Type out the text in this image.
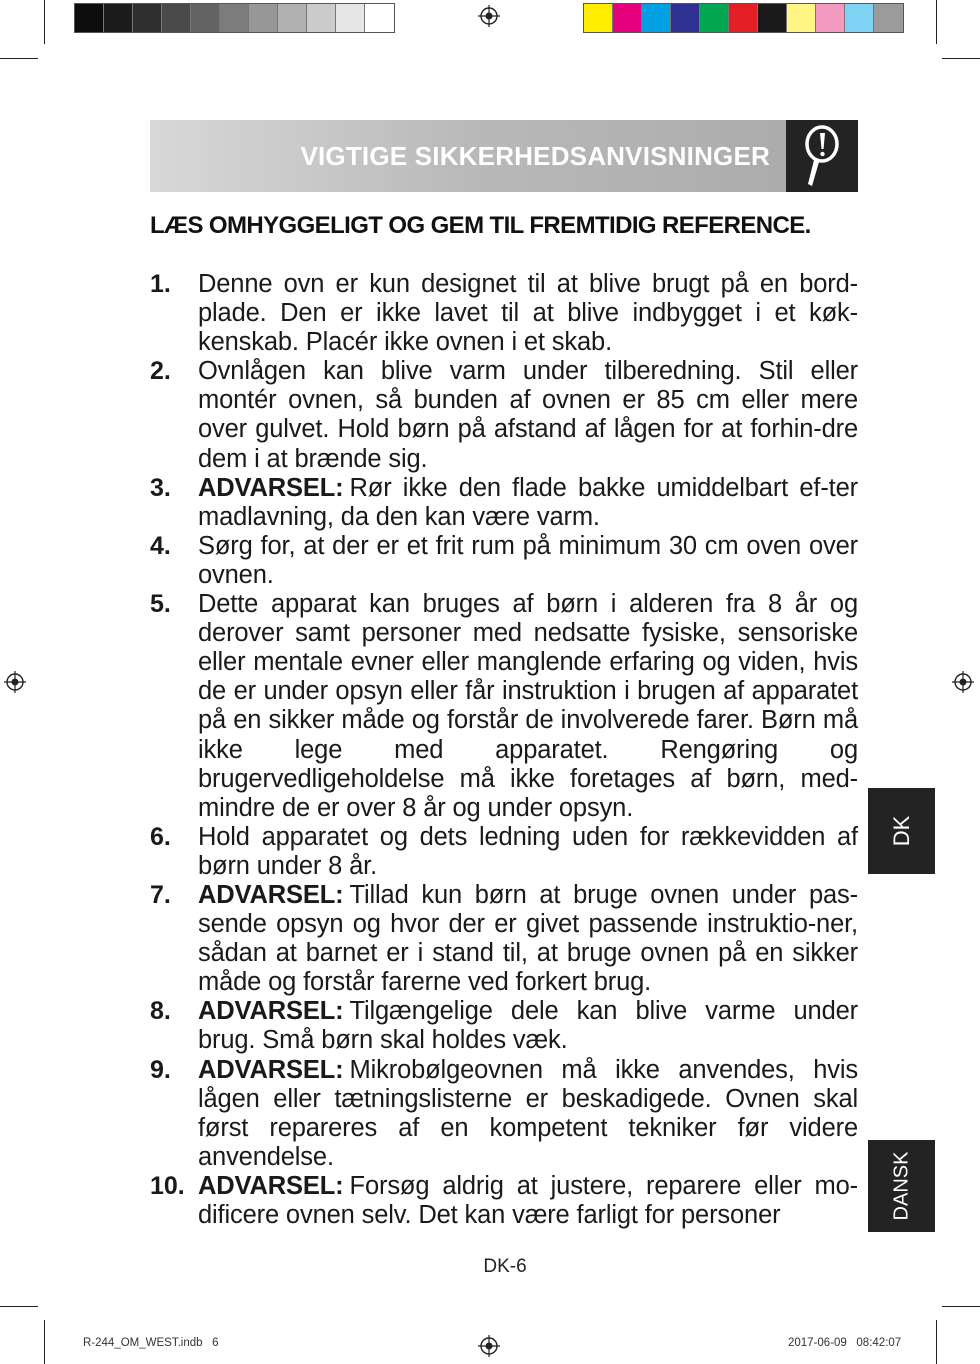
VIGTIGE SIKKERHEDSANVISNINGER
LÆS OMHYGGELIGT OG GEM TIL FREMTIDIG REFERENCE.
1. Denne ovn er kun designet til at blive brugt på en bord-plade. Den er ikke lavet til at blive indbygget i et køk-kenskab. Placér ikke ovnen i et skab.
2. Ovnlågen kan blive varm under tilberedning. Stil eller montér ovnen, så bunden af ovnen er 85 cm eller mere over gulvet. Hold børn på afstand af lågen for at forhin-dre dem i at brænde sig.
3. ADVARSEL: Rør ikke den flade bakke umiddelbart ef-ter madlavning, da den kan være varm.
4. Sørg for, at der er et frit rum på minimum 30 cm oven over ovnen.
5. Dette apparat kan bruges af børn i alderen fra 8 år og derover samt personer med nedsatte fysiske, sensoriske eller mentale evner eller manglende erfaring og viden, hvis de er under opsyn eller får instruktion i brugen af apparatet på en sikker måde og forstår de involverede farer. Børn må ikke lege med apparatet. Rengøring og brugervedligeholdelse må ikke foretages af børn, med-mindre de er over 8 år og under opsyn.
6. Hold apparatet og dets ledning uden for rækkevidden af børn under 8 år.
7. ADVARSEL: Tillad kun børn at bruge ovnen under pas-sende opsyn og hvor der er givet passende instruktio-ner, sådan at barnet er i stand til, at bruge ovnen på en sikker måde og forstår farerne ved forkert brug.
8. ADVARSEL: Tilgængelige dele kan blive varme under brug. Små børn skal holdes væk.
9. ADVARSEL: Mikrobølgeovnen må ikke anvendes, hvis lågen eller tætningslisterne er beskadigede. Ovnen skal først repareres af en kompetent tekniker før videre anvendelse.
10. ADVARSEL: Forsøg aldrig at justere, reparere eller mo-dificere ovnen selv. Det kan være farligt for personer
DK
DANSK
DK-6
R-244_OM_WEST.indb   6	2017-06-09   08:42:07
